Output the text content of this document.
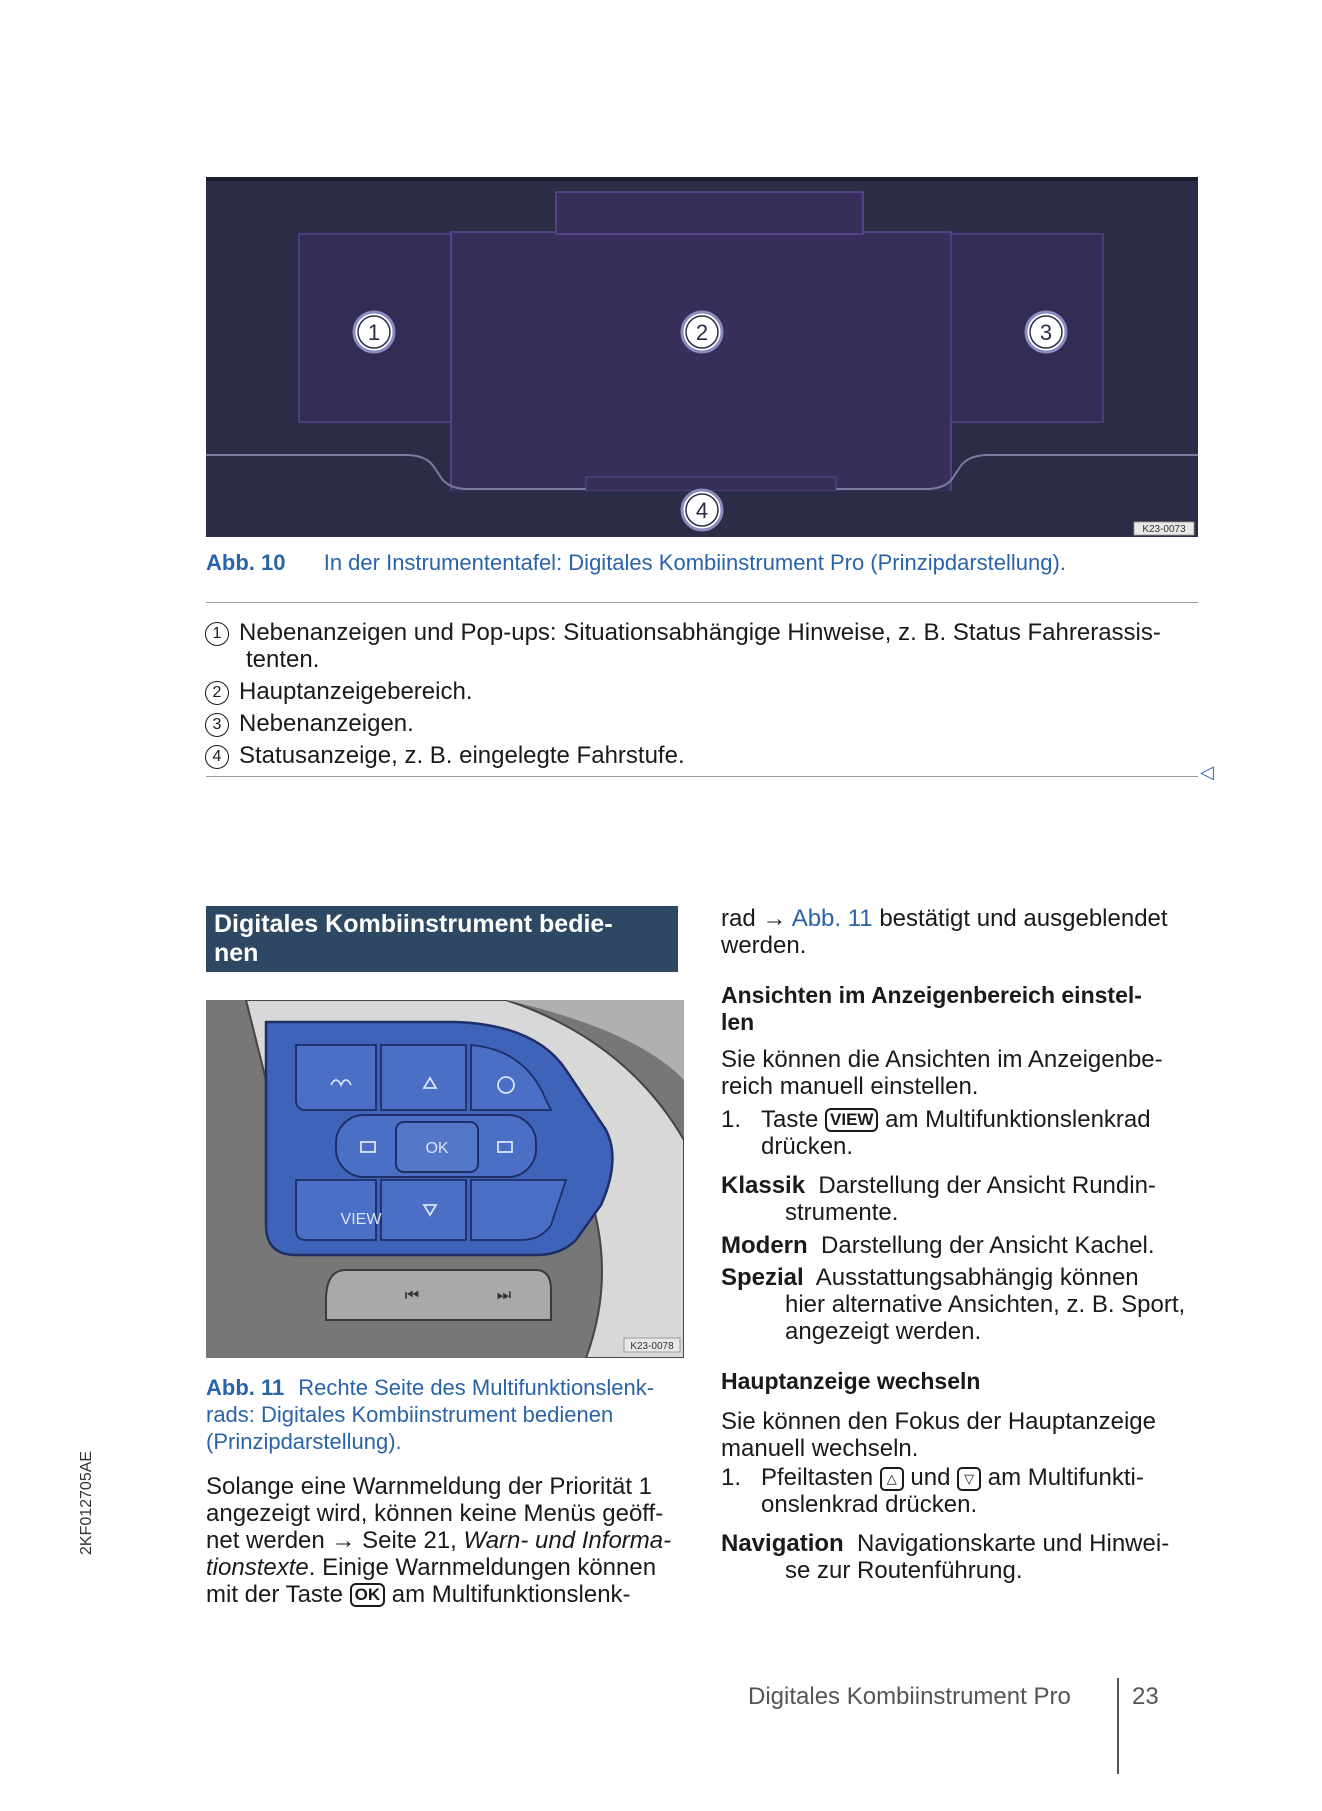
1	2	3
4
K23-0073
Abb. 10 In der Instrumententafel: Digitales Kombiinstrument Pro (Prinzipdarstellung).
1 Nebenanzeigen und Pop-ups: Situationsabhängige Hinweise, z. B. Status Fahrerassis-
tenten.
2 Hauptanzeigebereich.
3 Nebenanzeigen.
4 Statusanzeige, z. B. eingelegte Fahrstufe.
◁
Digitales Kombiinstrument bedie-
nen
OK
VIEW
⏮	⏭
K23-0078
Abb. 11 Rechte Seite des Multifunktionslenk-
rads: Digitales Kombiinstrument bedienen
(Prinzipdarstellung).
Solange eine Warnmeldung der Priorität 1
angezeigt wird, können keine Menüs geöff-
net werden → Seite 21, Warn- und Informa-
tionstexte. Einige Warnmeldungen können
mit der Taste OK am Multifunktionslenk-
rad → Abb. 11 bestätigt und ausgeblendet
werden.
Ansichten im Anzeigenbereich einstel-
len
Sie können die Ansichten im Anzeigenbe-
reich manuell einstellen.
1. Taste VIEW am Multifunktionslenkrad
drücken.
Klassik Darstellung der Ansicht Rundin-
strumente.
Modern Darstellung der Ansicht Kachel.
Spezial Ausstattungsabhängig können
hier alternative Ansichten, z. B. Sport,
angezeigt werden.
Hauptanzeige wechseln
Sie können den Fokus der Hauptanzeige
manuell wechseln.
1. Pfeiltasten △ und ▽ am Multifunkti-
onslenkrad drücken.
Navigation Navigationskarte und Hinwei-
se zur Routenführung.
2KF012705AE
Digitales Kombiinstrument Pro	23
